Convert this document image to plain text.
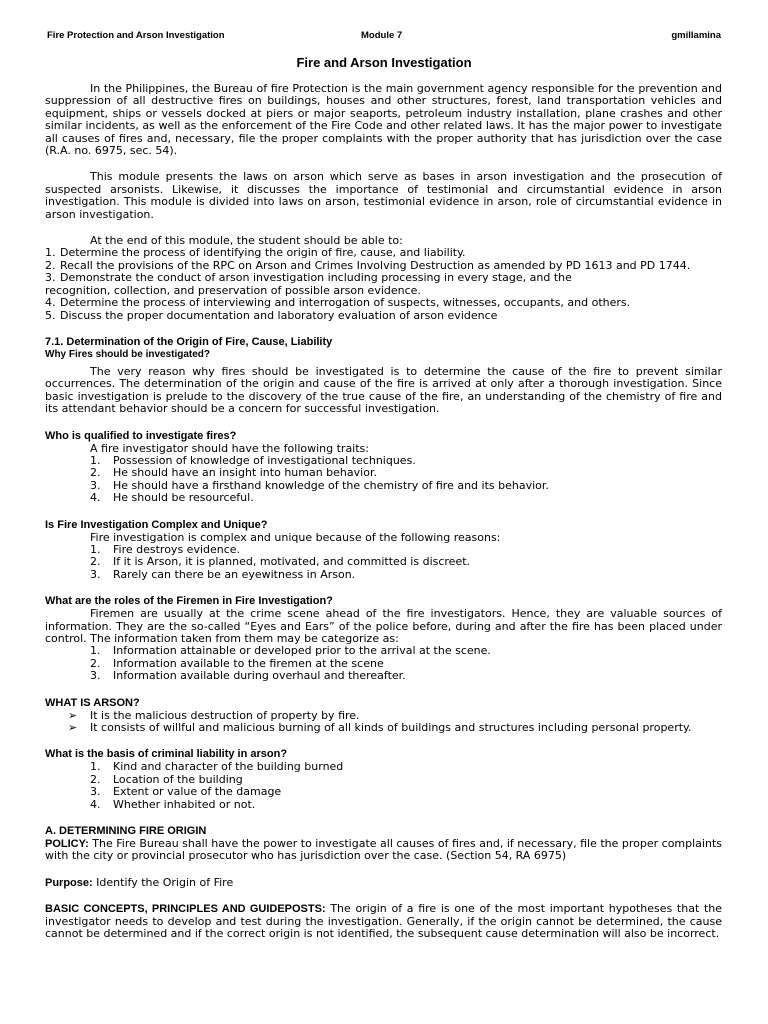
Fire Protection and Arson Investigation	Module 7	gmillamina
Fire and Arson Investigation

In the Philippines, the Bureau of fire Protection is the main government agency responsible for the prevention and suppression of all destructive fires on buildings, houses and other structures, forest, land transportation vehicles and equipment, ships or vessels docked at piers or major seaports, petroleum industry installation, plane crashes and other similar incidents, as well as the enforcement of the Fire Code and other related laws. It has the major power to investigate all causes of fires and, necessary, file the proper complaints with the proper authority that has jurisdiction over the case (R.A. no. 6975, sec. 54).

This module presents the laws on arson which serve as bases in arson investigation and the prosecution of suspected arsonists. Likewise, it discusses the importance of testimonial and circumstantial evidence in arson investigation. This module is divided into laws on arson, testimonial evidence in arson, role of circumstantial evidence in arson investigation.

At the end of this module, the student should be able to:

1. Determine the process of identifying the origin of fire, cause, and liability.
2. Recall the provisions of the RPC on Arson and Crimes Involving Destruction as amended by PD 1613 and PD 1744.
3. Demonstrate the conduct of arson investigation including processing in every stage, and the
recognition, collection, and preservation of possible arson evidence.
4. Determine the process of interviewing and interrogation of suspects, witnesses, occupants, and others.
5. Discuss the proper documentation and laboratory evaluation of arson evidence
7.1. Determination of the Origin of Fire, Cause, Liability
Why Fires should be investigated?

The very reason why fires should be investigated is to determine the cause of the fire to prevent similar occurrences. The determination of the origin and cause of the fire is arrived at only after a thorough investigation. Since basic investigation is prelude to the discovery of the true cause of the fire, an understanding of the chemistry of fire and its attendant behavior should be a concern for successful investigation.

Who is qualified to investigate fires?

A fire investigator should have the following traits:

1. Possession of knowledge of investigational techniques.
2. He should have an insight into human behavior.
3. He should have a firsthand knowledge of the chemistry of fire and its behavior.
4. He should be resourceful.
Is Fire Investigation Complex and Unique?

Fire investigation is complex and unique because of the following reasons:

1. Fire destroys evidence.
2. If it is Arson, it is planned, motivated, and committed is discreet.
3. Rarely can there be an eyewitness in Arson.
What are the roles of the Firemen in Fire Investigation?

Firemen are usually at the crime scene ahead of the fire investigators. Hence, they are valuable sources of information. They are the so-called “Eyes and Ears” of the police before, during and after the fire has been placed under control. The information taken from them may be categorize as:

1. Information attainable or developed prior to the arrival at the scene.
2. Information available to the firemen at the scene
3. Information available during overhaul and thereafter.
WHAT IS ARSON?
➢ It is the malicious destruction of property by fire.
➢ It consists of willful and malicious burning of all kinds of buildings and structures including personal property.
What is the basis of criminal liability in arson?
1. Kind and character of the building burned
2. Location of the building
3. Extent or value of the damage
4. Whether inhabited or not.
A. DETERMINING FIRE ORIGIN

POLICY: The Fire Bureau shall have the power to investigate all causes of fires and, if necessary, file the proper complaints with the city or provincial prosecutor who has jurisdiction over the case. (Section 54, RA 6975)

Purpose: Identify the Origin of Fire

BASIC CONCEPTS, PRINCIPLES AND GUIDEPOSTS: The origin of a fire is one of the most important hypotheses that the investigator needs to develop and test during the investigation. Generally, if the origin cannot be determined, the cause cannot be determined and if the correct origin is not identified, the subsequent cause determination will also be incorrect.
